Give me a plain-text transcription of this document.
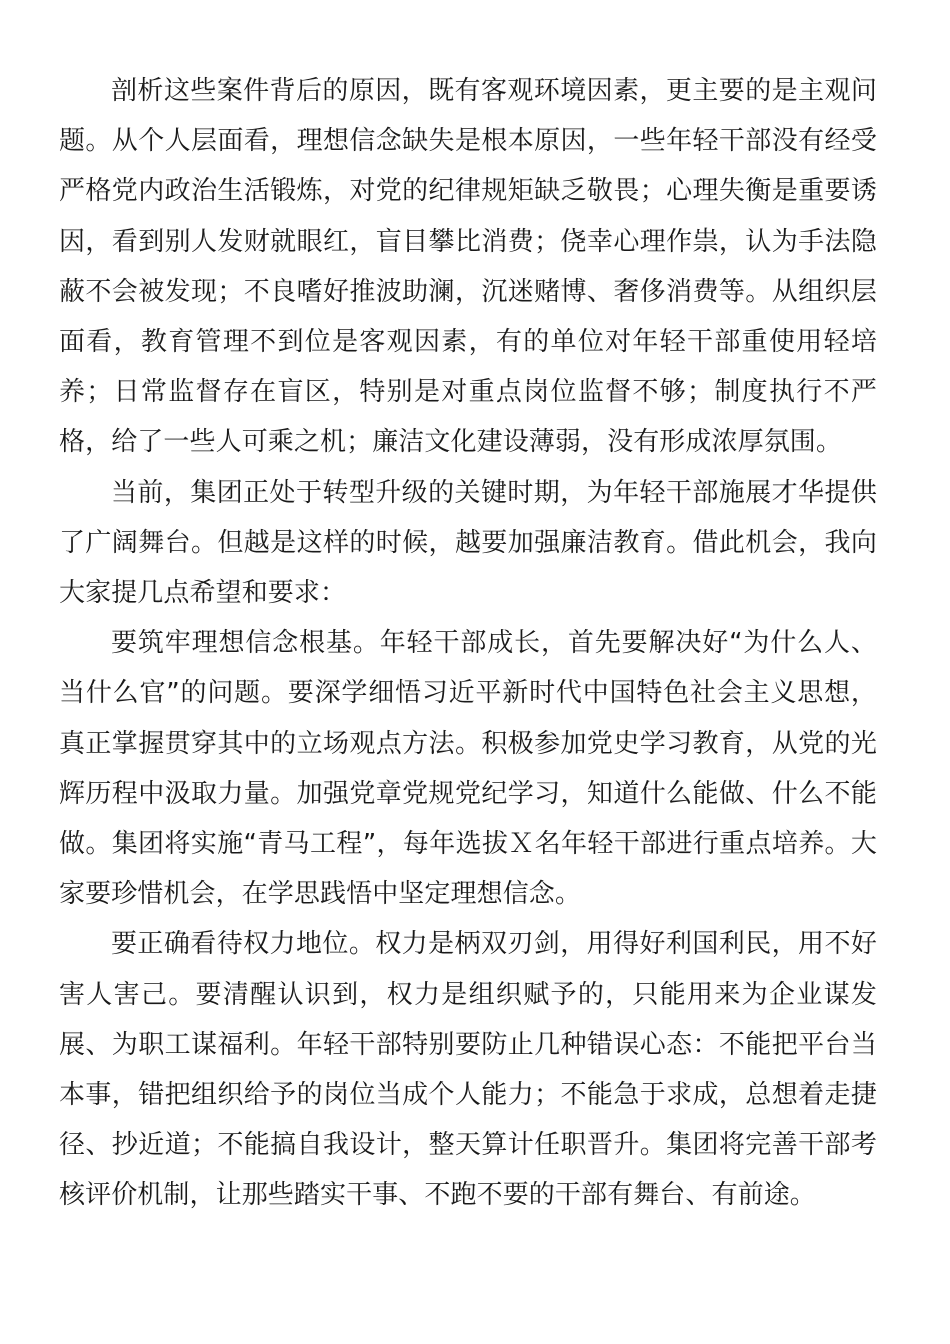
剖析这些案件背后的原因，既有客观环境因素，更主要的是主观问题。从个人层面看，理想信念缺失是根本原因，一些年轻干部没有经受严格党内政治生活锻炼，对党的纪律规矩缺乏敬畏；心理失衡是重要诱因，看到别人发财就眼红，盲目攀比消费；侥幸心理作祟，认为手法隐蔽不会被发现；不良嗜好推波助澜，沉迷赌博、奢侈消费等。从组织层面看，教育管理不到位是客观因素，有的单位对年轻干部重使用轻培养；日常监督存在盲区，特别是对重点岗位监督不够；制度执行不严格，给了一些人可乘之机；廉洁文化建设薄弱，没有形成浓厚氛围。

当前，集团正处于转型升级的关键时期，为年轻干部施展才华提供了广阔舞台。但越是这样的时候，越要加强廉洁教育。借此机会，我向大家提几点希望和要求：

要筑牢理想信念根基。年轻干部成长，首先要解决好“为什么人、当什么官”的问题。要深学细悟习近平新时代中国特色社会主义思想，真正掌握贯穿其中的立场观点方法。积极参加党史学习教育，从党的光辉历程中汲取力量。加强党章党规党纪学习，知道什么能做、什么不能做。集团将实施“青马工程”，每年选拔Ｘ名年轻干部进行重点培养。大家要珍惜机会，在学思践悟中坚定理想信念。

要正确看待权力地位。权力是柄双刃剑，用得好利国利民，用不好害人害己。要清醒认识到，权力是组织赋予的，只能用来为企业谋发展、为职工谋福利。年轻干部特别要防止几种错误心态：不能把平台当本事，错把组织给予的岗位当成个人能力；不能急于求成，总想着走捷径、抄近道；不能搞自我设计，整天算计任职晋升。集团将完善干部考核评价机制，让那些踏实干事、不跑不要的干部有舞台、有前途。
